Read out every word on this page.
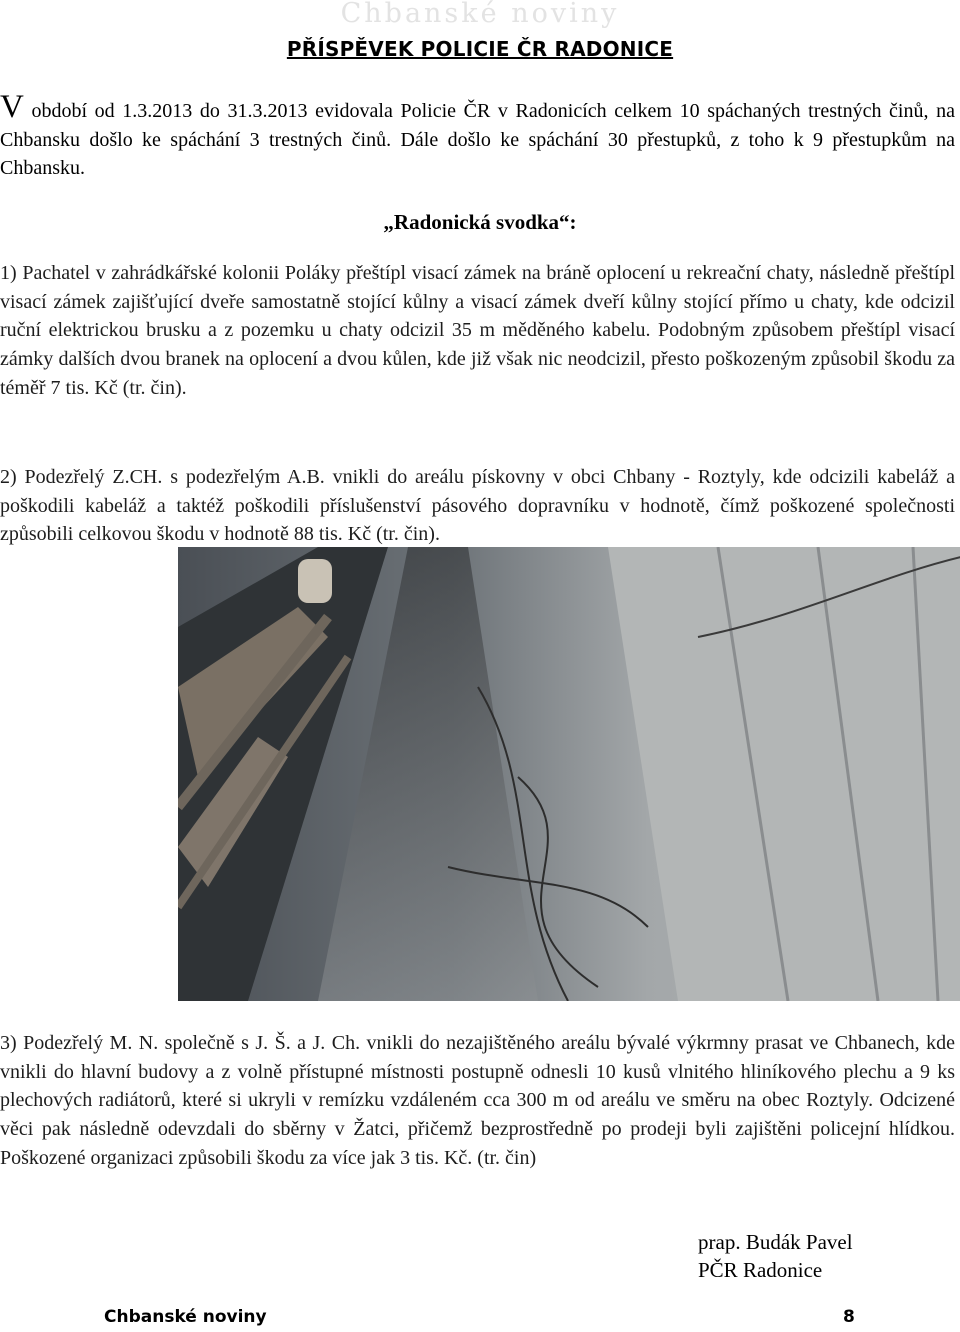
Chbanské noviny
PŘÍSPĚVEK POLICIE ČR RADONICE

V období od 1.3.2013 do 31.3.2013 evidovala Policie ČR v Radonicích celkem 10 spáchaných trestných činů, na Chbansku došlo ke spáchání 3 trestných činů. Dále došlo ke spáchání 30 přestupků, z toho k 9 přestupkům na Chbansku.

„Radonická svodka“:

1) Pachatel v zahrádkářské kolonii Poláky přeštípl visací zámek na bráně oplocení u rekreační chaty, následně přeštípl visací zámek zajišťující dveře samostatně stojící kůlny a visací zámek dveří kůlny stojící přímo u chaty, kde odcizil ruční elektrickou brusku a z pozemku u chaty odcizil 35 m měděného kabelu. Podobným způsobem přeštípl visací zámky dalších dvou branek na oplocení a dvou kůlen, kde již však nic neodcizil, přesto poškozeným způsobil škodu za téměř 7 tis. Kč (tr. čin).

2) Podezřelý Z.CH. s podezřelým A.B. vnikli do areálu pískovny v obci Chbany - Roztyly, kde odcizili kabeláž a poškodili kabeláž a taktéž poškodili příslušenství pásového dopravníku v hodnotě, čímž poškozené společnosti způsobili celkovou škodu v hodnotě 88 tis. Kč (tr. čin).

3) Podezřelý M. N. společně s J. Š. a J. Ch. vnikli do nezajištěného areálu bývalé výkrmny prasat ve Chbanech, kde vnikli do hlavní budovy a z volně přístupné místnosti postupně odnesli 10 kusů vlnitého hliníkového plechu a 9 ks plechových radiátorů, které si ukryli v remízku vzdáleném cca 300 m od areálu ve směru na obec Roztyly. Odcizené věci pak následně odevzdali do sběrny v Žatci, přičemž bezprostředně po prodeji byli zajištěni policejní hlídkou. Poškozené organizaci způsobili škodu za více jak 3 tis. Kč. (tr. čin)

prap. Budák Pavel
PČR Radonice
Chbanské noviny	8
